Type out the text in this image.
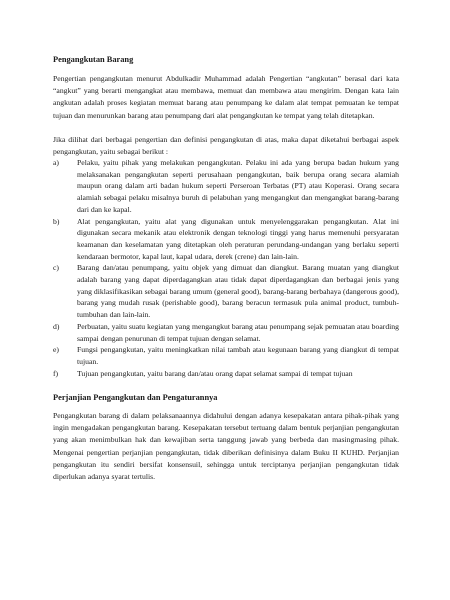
Pengangkutan Barang

Pengertian pengangkutan menurut Abdulkadir Muhammad adalah Pengertian “angkutan” berasal dari kata “angkut” yang berarti mengangkat atau membawa, memuat dan membawa atau mengirim. Dengan kata lain angkutan adalah proses kegiatan memuat barang atau penumpang ke dalam alat tempat pemuatan ke tempat tujuan dan menurunkan barang atau penumpang dari alat pengangkutan ke tempat yang telah ditetapkan.

Jika dilihat dari berbagai pengertian dan definisi pengangkutan di atas, maka dapat diketahui berbagai aspek pengangkutan, yaitu sebagai berikut :

a)	Pelaku, yaitu pihak yang melakukan pengangkutan. Pelaku ini ada yang berupa badan hukum yang melaksanakan pengangkutan seperti perusahaan pengangkutan, baik berupa orang secara alamiah maupun orang dalam arti badan hukum seperti Perseroan Terbatas (PT) atau Koperasi. Orang secara alamiah sebagai pelaku misalnya buruh di pelabuhan yang mengangkut dan mengangkat barang-barang dari dan ke kapal.
b)	Alat pengangkutan, yaitu alat yang digunakan untuk menyelenggarakan pengangkutan. Alat ini digunakan secara mekanik atau elektronik dengan teknologi tinggi yang harus memenuhi persyaratan keamanan dan keselamatan yang ditetapkan oleh peraturan perundang-undangan yang berlaku seperti kendaraan bermotor, kapal laut, kapal udara, derek (crene) dan lain-lain.
c)	Barang dan/atau penumpang, yaitu objek yang dimuat dan diangkut. Barang muatan yang diangkut adalah barang yang dapat diperdagangkan atau tidak dapat diperdagangkan dan berbagai jenis yang yang diklasifikasikan sebagai barang umum (general good), barang-barang berbahaya (dangerous good), barang yang mudah rusak (perishable good), barang beracun termasuk pula animal product, tumbuh-tumbuhan dan lain-lain.
d)	Perbuatan, yaitu suatu kegiatan yang mengangkut barang atau penumpang sejak pemuatan atau boarding sampai dengan penurunan di tempat tujuan dengan selamat.
e)	Fungsi pengangkutan, yaitu meningkatkan nilai tambah atau kegunaan barang yang diangkut di tempat tujuan.
f)	Tujuan pengangkutan, yaitu barang dan/atau orang dapat selamat sampai di tempat tujuan
Perjanjian Pengangkutan dan Pengaturannya

Pengangkutan barang di dalam pelaksanaannya didahului dengan adanya kesepakatan antara pihak-pihak yang ingin mengadakan pengangkutan barang. Kesepakatan tersebut tertuang dalam bentuk perjanjian pengangkutan yang akan menimbulkan hak dan kewajiban serta tanggung jawab yang berbeda dan masingmasing pihak. Mengenai pengertian perjanjian pengangkutan, tidak diberikan definisinya dalam Buku II KUHD. Perjanjian pengangkutan itu sendiri bersifat konsensuil, sehingga untuk terciptanya perjanjian pengangkutan tidak diperlukan adanya syarat tertulis.
